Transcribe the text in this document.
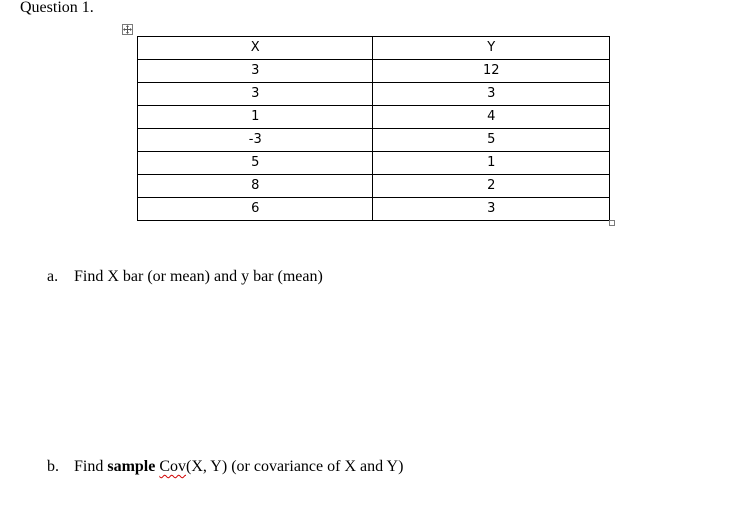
Question 1.
X	Y
3	12
3	3
1	4
-3	5
5	1
8	2
6	3
a. Find X bar (or mean) and y bar (mean)
b. Find sample Cov(X, Y) (or covariance of X and Y)
